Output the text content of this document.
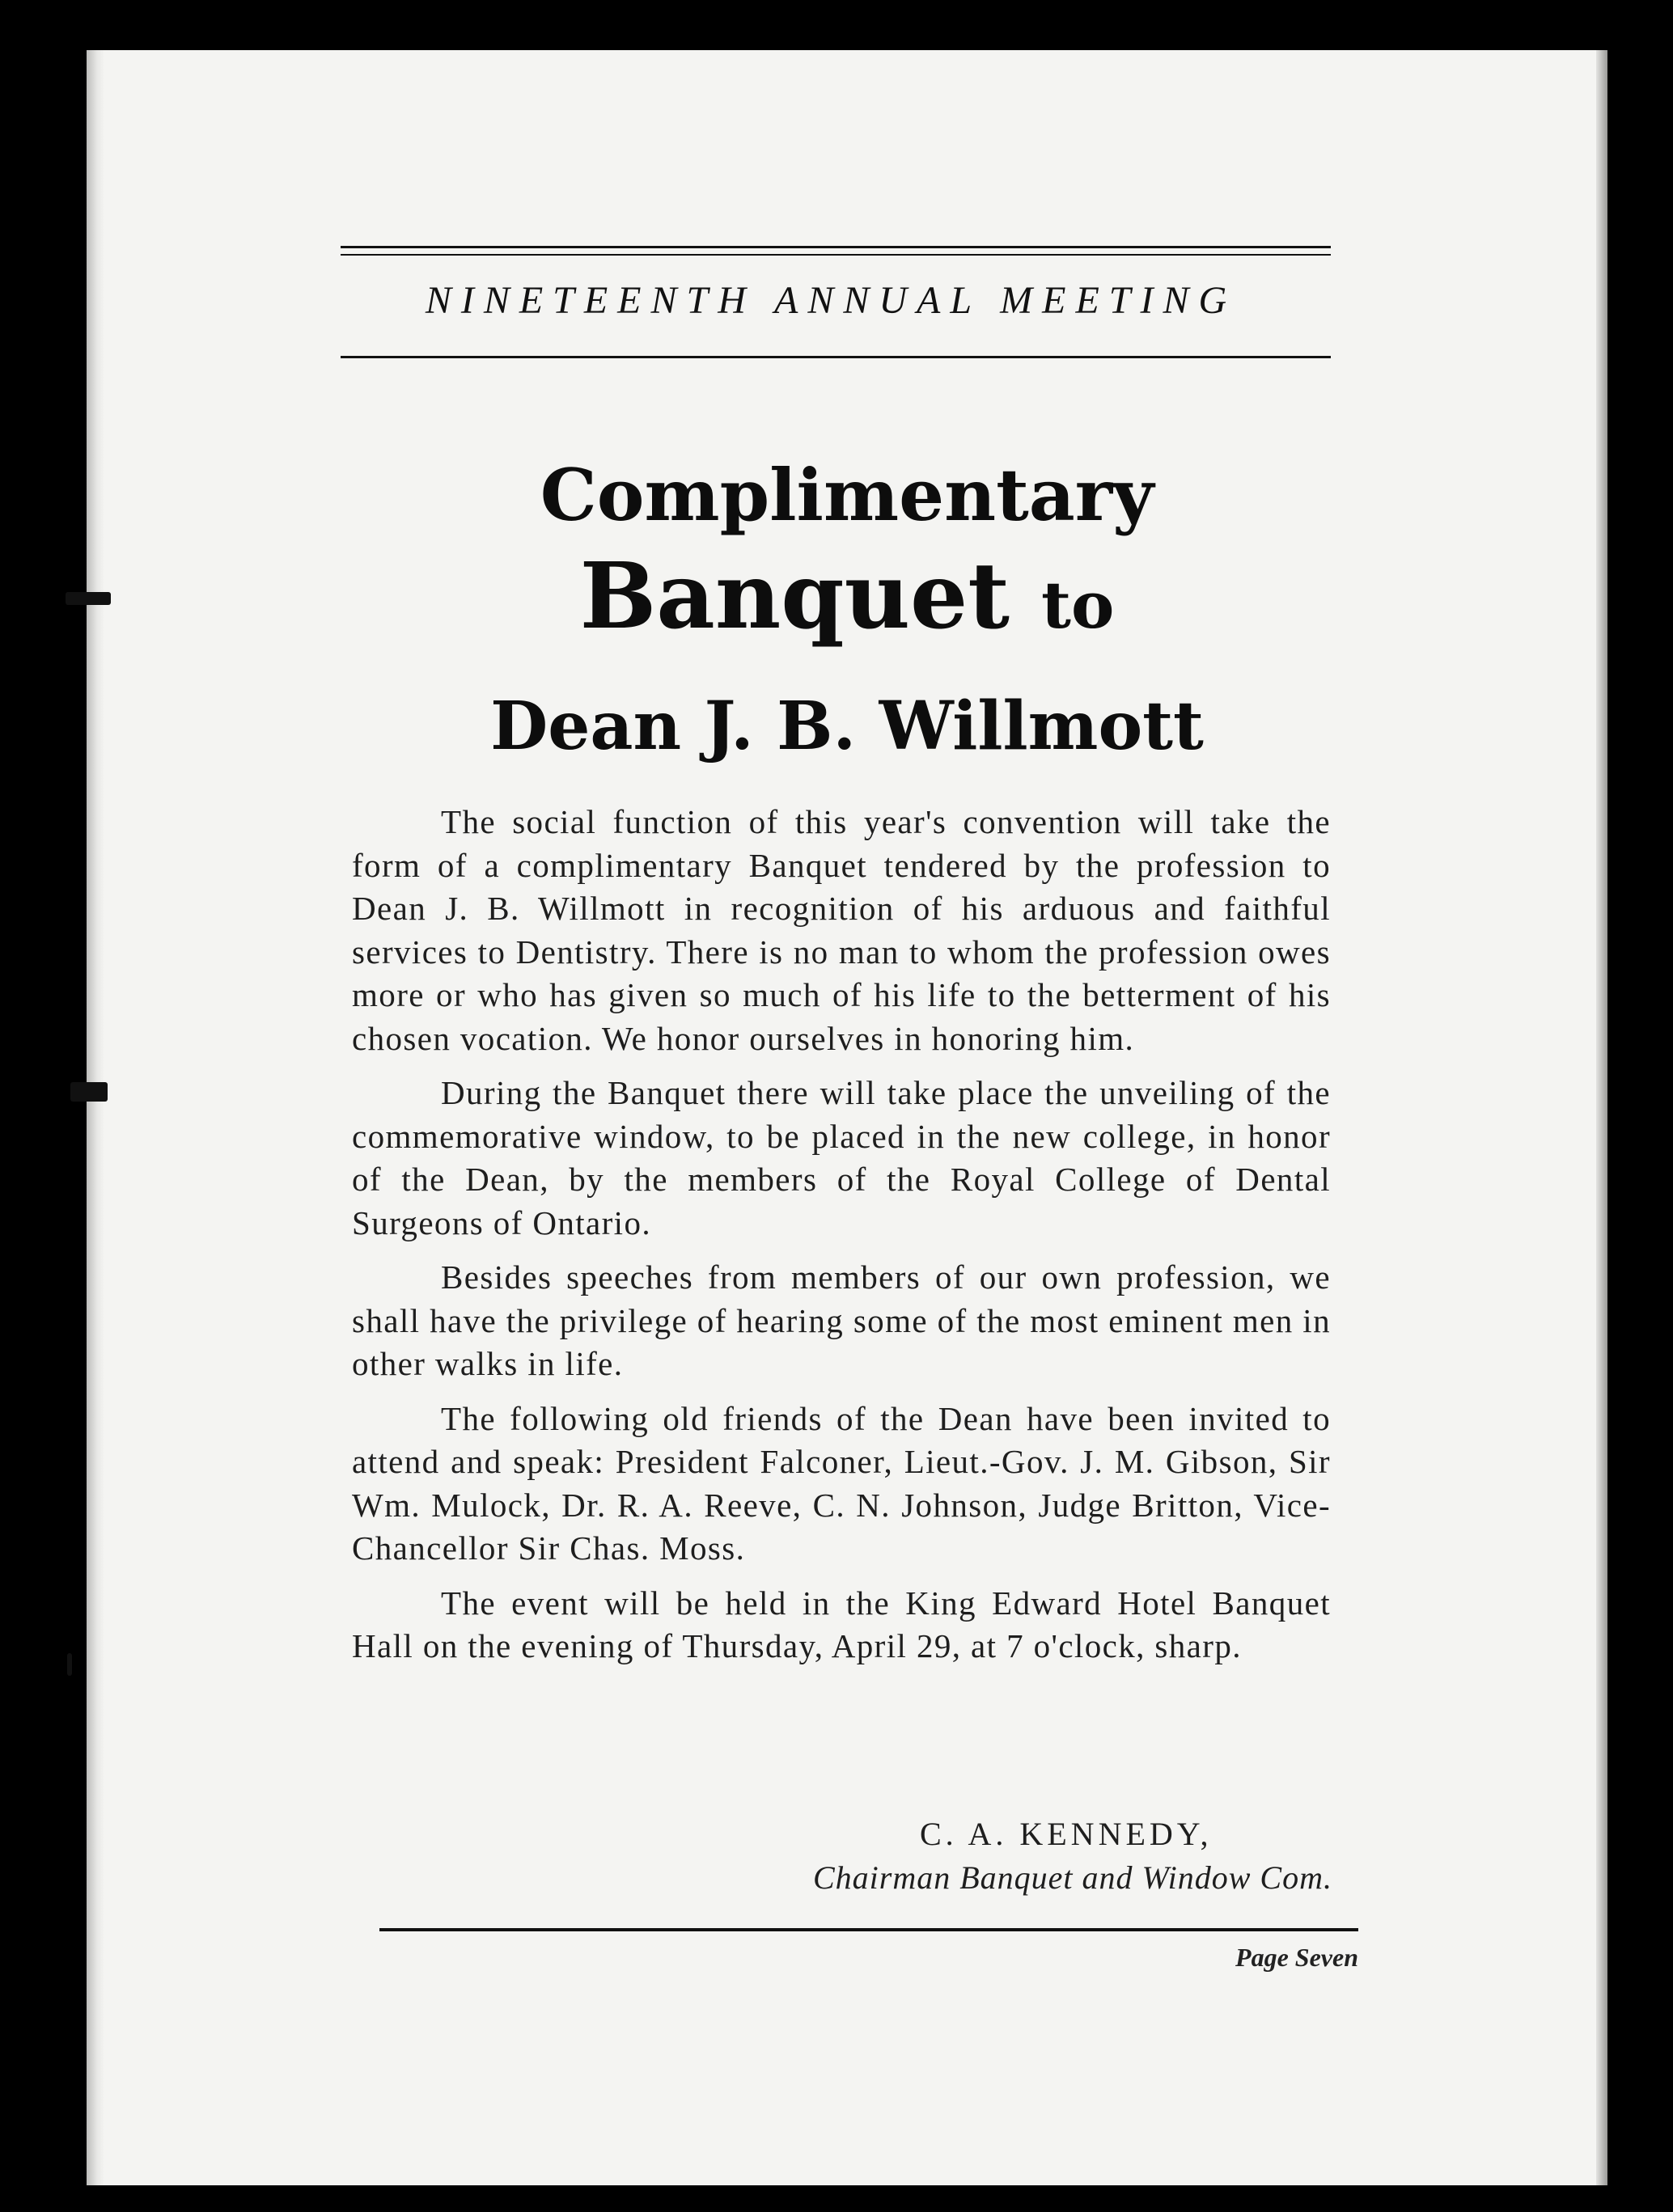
NINETEENTH ANNUAL MEETING
Complimentary
Banquet to
Dean J. B. Willmott

The social function of this year's convention will take the form of a complimentary Banquet tendered by the profession to Dean J. B. Willmott in recognition of his arduous and faithful services to Dentistry. There is no man to whom the profession owes more or who has given so much of his life to the betterment of his chosen vocation. We honor ourselves in honoring him.

During the Banquet there will take place the unveiling of the commemorative window, to be placed in the new college, in honor of the Dean, by the members of the Royal College of Dental Surgeons of Ontario.

Besides speeches from members of our own profession, we shall have the privilege of hearing some of the most eminent men in other walks in life.

The following old friends of the Dean have been invited to attend and speak: President Falconer, Lieut.-Gov. J. M. Gibson, Sir Wm. Mulock, Dr. R. A. Reeve, C. N. Johnson, Judge Britton, Vice-Chancellor Sir Chas. Moss.

The event will be held in the King Edward Hotel Banquet Hall on the evening of Thursday, April 29, at 7 o'clock, sharp.

C. A. KENNEDY,
Chairman Banquet and Window Com.
Page Seven
